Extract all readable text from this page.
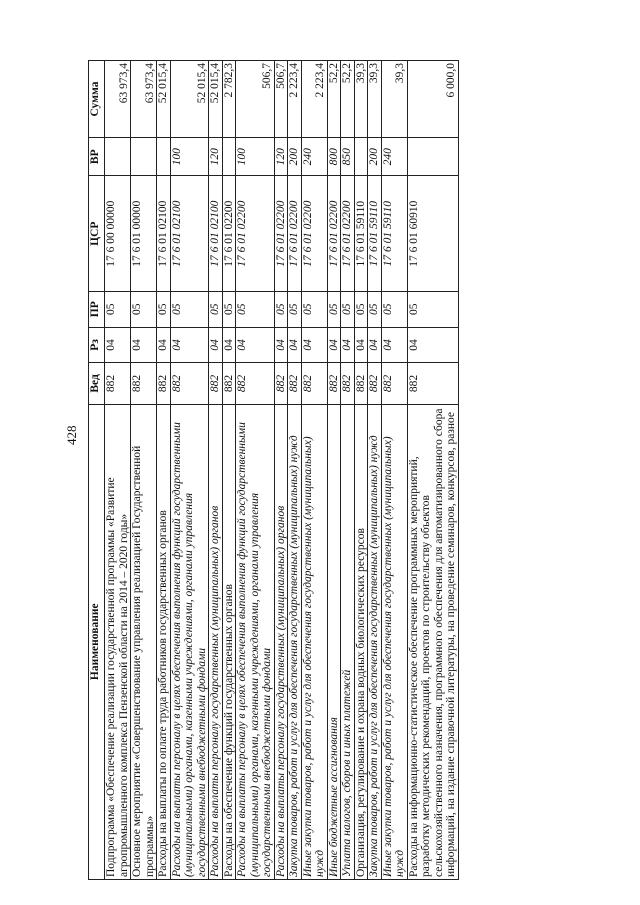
428
Наименование	Вед	Рз	ПР	ЦСР	ВР	Сумма
Подпрограмма «Обеспечение реализации государственной программы «Развитие агропромышленного комплекса Пензенской области на 2014 – 2020 годы»	882	04	05	17 6 00 00000		63 973,4
Основное мероприятие «Совершенствование управления реализацией Государственной программы»	882	04	05	17 6 01 00000		63 973,4
Расходы на выплаты по оплате труда работников государственных органов	882	04	05	17 6 01 02100		52 015,4
Расходы на выплаты персоналу в целях обеспечения выполнения функций государственными (муниципальными) органами, казенными учреждениями, органами управления государственными внебюджетными фондами	882	04	05	17 6 01 02100	100	52 015,4
Расходы на выплаты персоналу государственных (муниципальных) органов	882	04	05	17 6 01 02100	120	52 015,4
Расходы на обеспечение функций государственных органов	882	04	05	17 6 01 02200		2 782,3
Расходы на выплаты персоналу в целях обеспечения выполнения функций государственными (муниципальными) органами, казенными учреждениями, органами управления государственными внебюджетными фондами	882	04	05	17 6 01 02200	100	506,7
Расходы на выплаты персоналу государственных (муниципальных) органов	882	04	05	17 6 01 02200	120	506,7
Закупка товаров, работ и услуг для обеспечения государственных (муниципальных) нужд	882	04	05	17 6 01 02200	200	2 223,4
Иные закупки товаров, работ и услуг для обеспечения государственных (муниципальных) нужд	882	04	05	17 6 01 02200	240	2 223,4
Иные бюджетные ассигнования	882	04	05	17 6 01 02200	800	52,2
Уплата налогов, сборов и иных платежей	882	04	05	17 6 01 02200	850	52,2
Организация, регулирование и охрана водных биологических ресурсов	882	04	05	17 6 01 59110		39,3
Закупка товаров, работ и услуг для обеспечения государственных (муниципальных) нужд	882	04	05	17 6 01 59110	200	39,3
Иные закупки товаров, работ и услуг для обеспечения государственных (муниципальных) нужд	882	04	05	17 6 01 59110	240	39,3
Расходы на информационно-статистическое обеспечение программных мероприятий, разработку методических рекомендаций, проектов по строительству объектов сельскохозяйственного назначения, программного обеспечения для автоматизированного сбора информаций, на издание справочной литературы, на проведение семинаров, конкурсов, разное	882	04	05	17 6 01 60910		6 000,0
